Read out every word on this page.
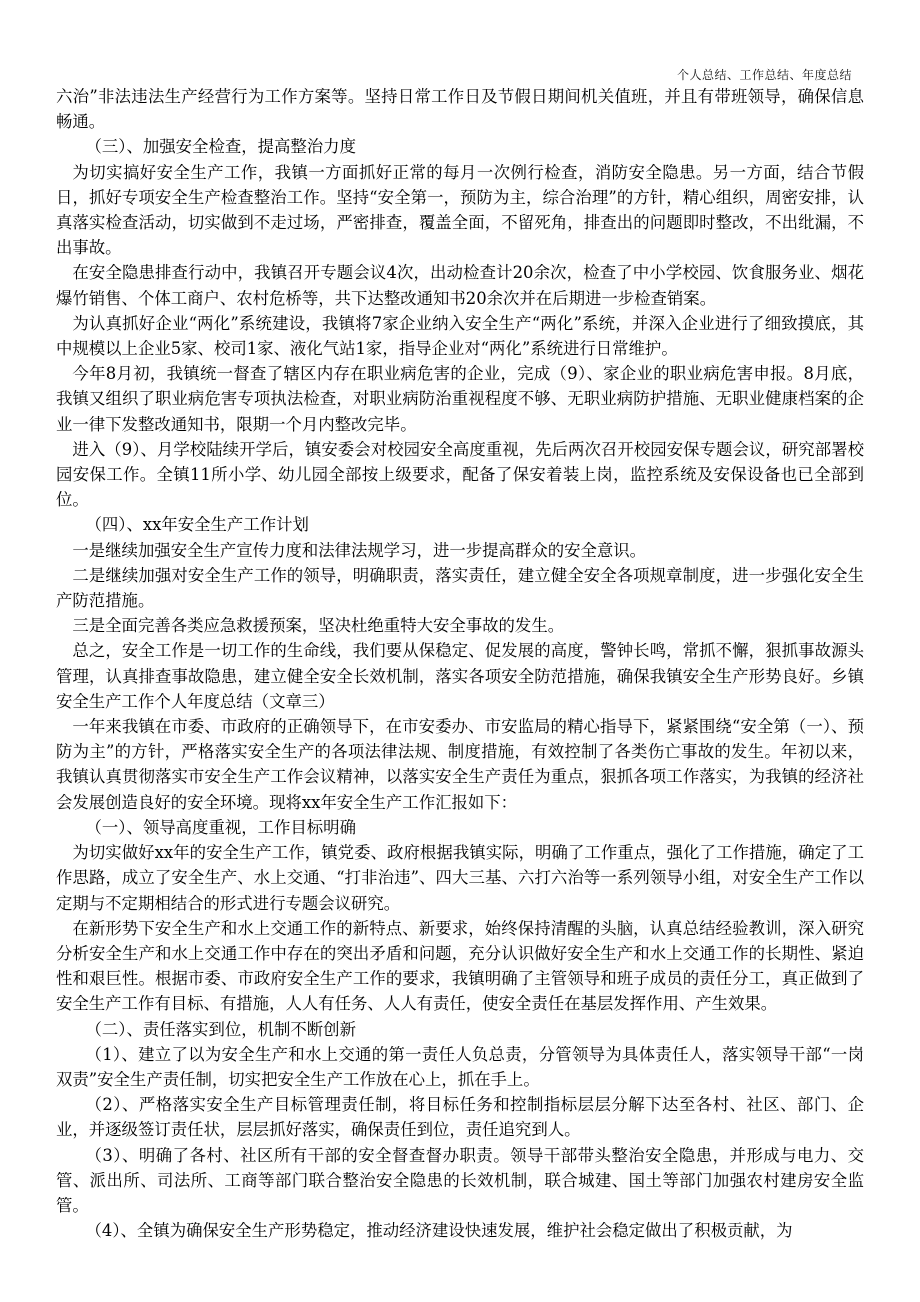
个人总结、工作总结、年度总结

六治”非法违法生产经营行为工作方案等。坚持日常工作日及节假日期间机关值班，并且有带班领导，确保信息畅通。

（三）、加强安全检查，提高整治力度

为切实搞好安全生产工作，我镇一方面抓好正常的每月一次例行检查，消防安全隐患。另一方面，结合节假日，抓好专项安全生产检查整治工作。坚持“安全第一，预防为主，综合治理”的方针，精心组织，周密安排，认真落实检查活动，切实做到不走过场，严密排查，覆盖全面，不留死角，排查出的问题即时整改，不出纰漏，不出事故。

在安全隐患排查行动中，我镇召开专题会议4次，出动检查计20余次，检查了中小学校园、饮食服务业、烟花爆竹销售、个体工商户、农村危桥等，共下达整改通知书20余次并在后期进一步检查销案。

为认真抓好企业“两化”系统建设，我镇将7家企业纳入安全生产“两化”系统，并深入企业进行了细致摸底，其中规模以上企业5家、校司1家、液化气站1家，指导企业对“两化”系统进行日常维护。

今年8月初，我镇统一督查了辖区内存在职业病危害的企业，完成（9）、家企业的职业病危害申报。8月底，我镇又组织了职业病危害专项执法检查，对职业病防治重视程度不够、无职业病防护措施、无职业健康档案的企业一律下发整改通知书，限期一个月内整改完毕。

进入（9）、月学校陆续开学后，镇安委会对校园安全高度重视，先后两次召开校园安保专题会议，研究部署校园安保工作。全镇11所小学、幼儿园全部按上级要求，配备了保安着装上岗，监控系统及安保设备也已全部到位。

（四）、xx年安全生产工作计划

一是继续加强安全生产宣传力度和法律法规学习，进一步提高群众的安全意识。

二是继续加强对安全生产工作的领导，明确职责，落实责任，建立健全安全各项规章制度，进一步强化安全生产防范措施。

三是全面完善各类应急救援预案，坚决杜绝重特大安全事故的发生。

总之，安全工作是一切工作的生命线，我们要从保稳定、促发展的高度，警钟长鸣，常抓不懈，狠抓事故源头管理，认真排查事故隐患，建立健全安全长效机制，落实各项安全防范措施，确保我镇安全生产形势良好。乡镇安全生产工作个人年度总结（文章三）

一年来我镇在市委、市政府的正确领导下，在市安委办、市安监局的精心指导下，紧紧围绕“安全第（一）、预防为主”的方针，严格落实安全生产的各项法律法规、制度措施，有效控制了各类伤亡事故的发生。年初以来，我镇认真贯彻落实市安全生产工作会议精神，以落实安全生产责任为重点，狠抓各项工作落实，为我镇的经济社会发展创造良好的安全环境。现将xx年安全生产工作汇报如下：

（一）、领导高度重视，工作目标明确

为切实做好xx年的安全生产工作，镇党委、政府根据我镇实际，明确了工作重点，强化了工作措施，确定了工作思路，成立了安全生产、水上交通、“打非治违”、四大三基、六打六治等一系列领导小组，对安全生产工作以定期与不定期相结合的形式进行专题会议研究。

在新形势下安全生产和水上交通工作的新特点、新要求，始终保持清醒的头脑，认真总结经验教训，深入研究分析安全生产和水上交通工作中存在的突出矛盾和问题，充分认识做好安全生产和水上交通工作的长期性、紧迫性和艰巨性。根据市委、市政府安全生产工作的要求，我镇明确了主管领导和班子成员的责任分工，真正做到了安全生产工作有目标、有措施，人人有任务、人人有责任，使安全责任在基层发挥作用、产生效果。

（二）、责任落实到位，机制不断创新

（1）、建立了以为安全生产和水上交通的第一责任人负总责，分管领导为具体责任人，落实领导干部“一岗双责”安全生产责任制，切实把安全生产工作放在心上，抓在手上。

（2）、严格落实安全生产目标管理责任制，将目标任务和控制指标层层分解下达至各村、社区、部门、企业，并逐级签订责任状，层层抓好落实，确保责任到位，责任追究到人。

（3）、明确了各村、社区所有干部的安全督查督办职责。领导干部带头整治安全隐患，并形成与电力、交管、派出所、司法所、工商等部门联合整治安全隐患的长效机制，联合城建、国土等部门加强农村建房安全监管。

（4）、全镇为确保安全生产形势稳定，推动经济建设快速发展，维护社会稳定做出了积极贡献，为
